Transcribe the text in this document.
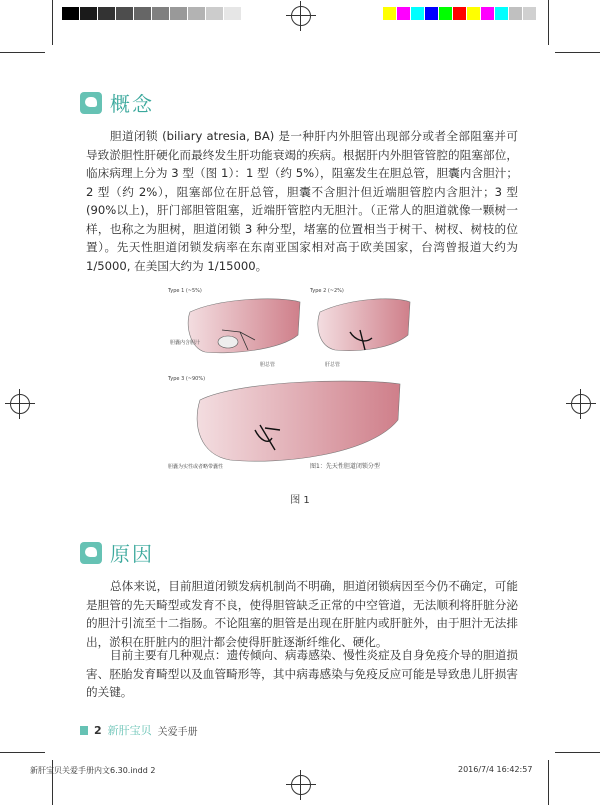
概念

胆道闭锁 (biliary atresia, BA) 是一种肝内外胆管出现部分或者全部阻塞并可导致淤胆性肝硬化而最终发生肝功能衰竭的疾病。根据肝内外胆管管腔的阻塞部位，临床病理上分为 3 型（图 1）：1 型（约 5%），阻塞发生在胆总管，胆囊内含胆汁；2 型（约 2%），阻塞部位在肝总管，胆囊不含胆汁但近端胆管腔内含胆汁；3 型 (90%以上)，肝门部胆管阻塞，近端肝管腔内无胆汁。（正常人的胆道就像一颗树一样，也称之为胆树，胆道闭锁 3 种分型，堵塞的位置相当于树干、树杈、树枝的位置）。先天性胆道闭锁发病率在东南亚国家相对高于欧美国家，台湾曾报道大约为 1/5000, 在美国大约为 1/15000。

Type 1 (~5%)	Type 2 (~2%)
Type 3 (~90%)
胆囊内含胆汁
胆总管	肝总管
胆囊为实性或者略带囊性	图1：先天性胆道闭锁分型
图 1
原因

总体来说，目前胆道闭锁发病机制尚不明确，胆道闭锁病因至今仍不确定，可能是胆管的先天畸型或发育不良，使得胆管缺乏正常的中空管道，无法顺利将肝脏分泌的胆汁引流至十二指肠。不论阻塞的胆管是出现在肝脏内或肝脏外，由于胆汁无法排出，淤积在肝脏内的胆汁都会使得肝脏逐渐纤维化、硬化。

目前主要有几种观点：遗传倾向、病毒感染、慢性炎症及自身免疫介导的胆道损害、胚胎发育畸型以及血管畸形等，其中病毒感染与免疫反应可能是导致患儿肝损害的关键。

2 新肝宝贝 关爱手册
新肝宝贝关爱手册内文6.30.indd 2	2016/7/4 16:42:57
